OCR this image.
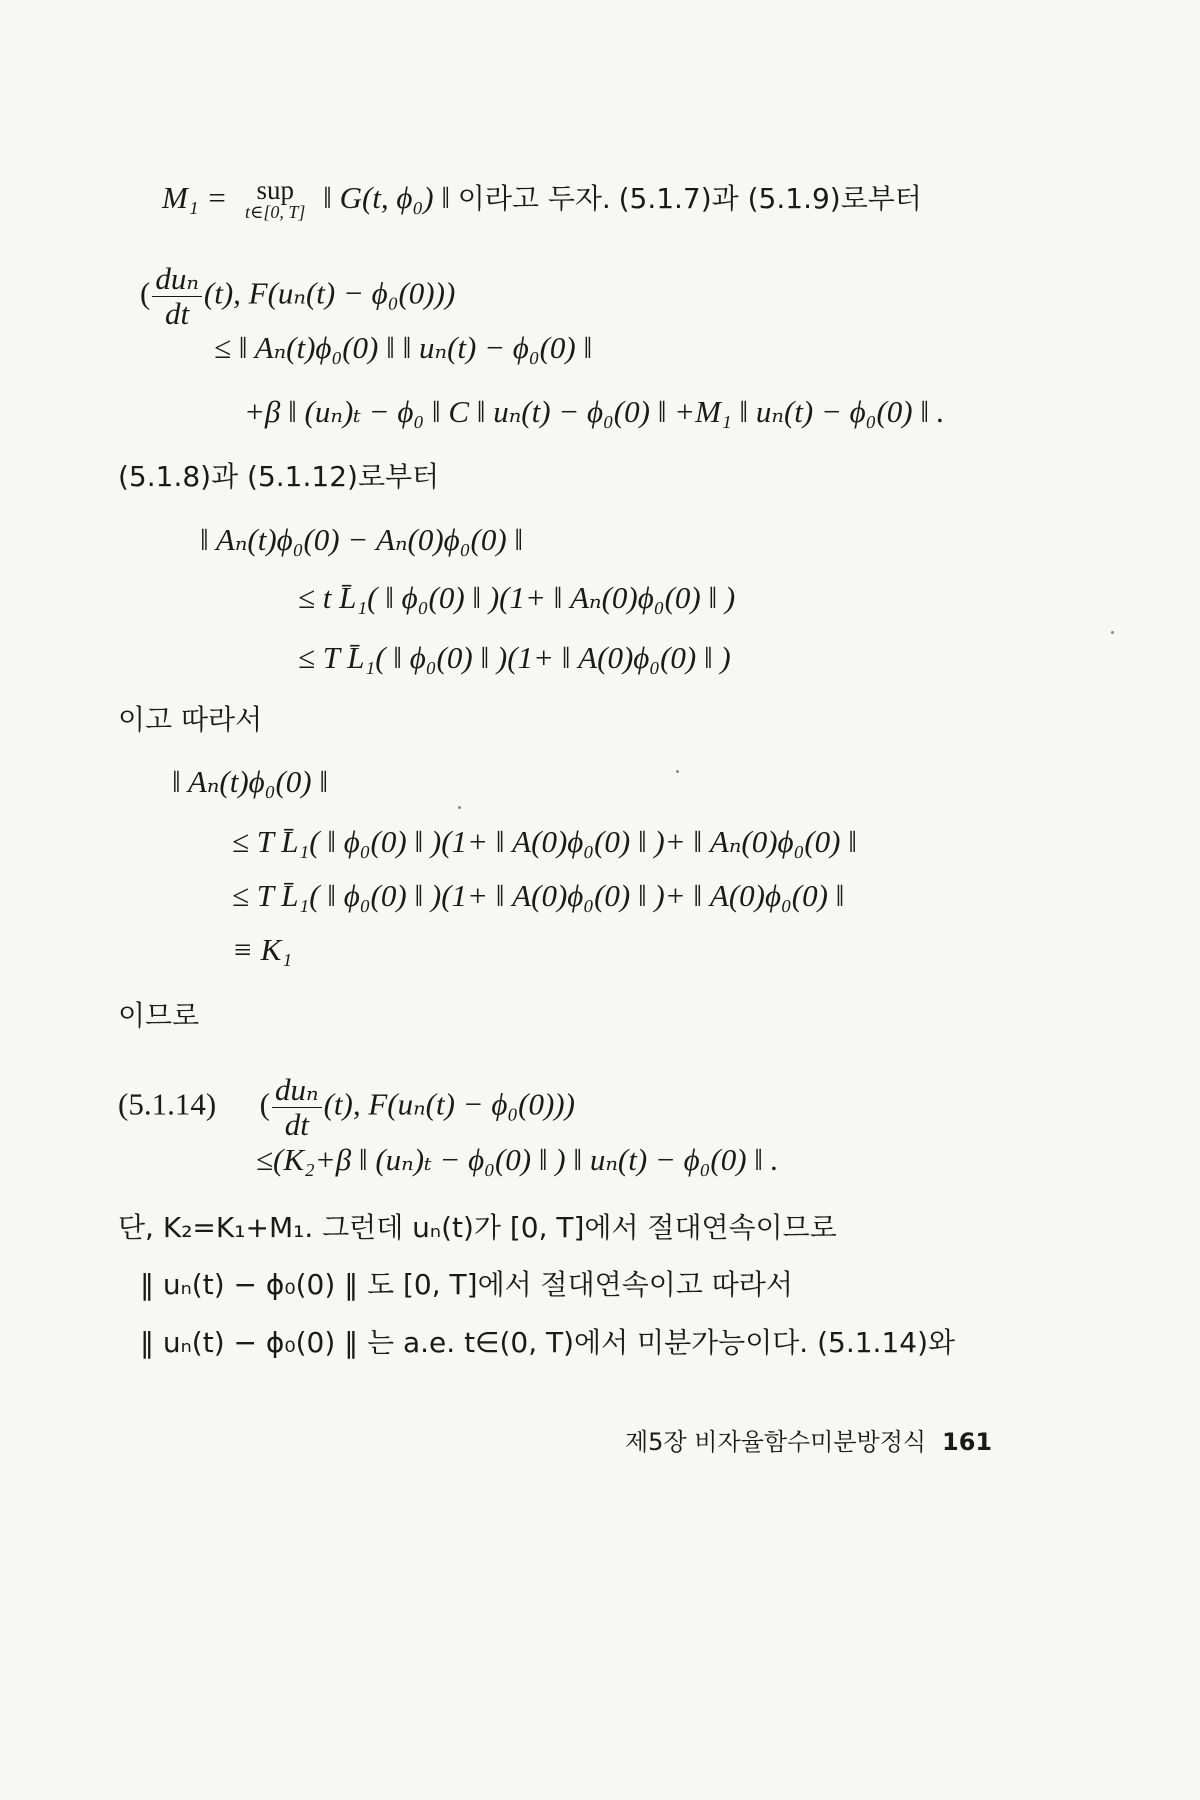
M₁ =	sup
t∈[0, T] ‖ G(t, ϕ₀) ‖ 이라고 두자. (5.1.7)과 (5.1.9)로부터
( $\frac{\text{duₙ}}{dt} (t)$, F(uₙ(t) − ϕ₀(0)))
≤ ‖ Aₙ(t)ϕ₀(0) ‖ ‖ uₙ(t) − ϕ₀(0) ‖
+β ‖ (uₙ)ₜ − ϕ₀ ‖ C ‖ uₙ(t) − ϕ₀(0) ‖ +M₁ ‖ uₙ(t) − ϕ₀(0) ‖ .
(5.1.8)과 (5.1.12)로부터
‖ Aₙ(t)ϕ₀(0) − Aₙ(0)ϕ₀(0) ‖
≤ t L̄₁( ‖ ϕ₀(0) ‖ )(1+ ‖ Aₙ(0)ϕ₀(0) ‖ )
≤ T L̄₁( ‖ ϕ₀(0) ‖ )(1+ ‖ A(0)ϕ₀(0) ‖ )
이고 따라서
‖ Aₙ(t)ϕ₀(0) ‖
≤ T L̄₁( ‖ ϕ₀(0) ‖ )(1+ ‖ A(0)ϕ₀(0) ‖ )+ ‖ Aₙ(0)ϕ₀(0) ‖
≤ T L̄₁( ‖ ϕ₀(0) ‖ )(1+ ‖ A(0)ϕ₀(0) ‖ )+ ‖ A(0)ϕ₀(0) ‖
≡ K₁
이므로
(5.1.14) ( $\frac{\text{duₙ}}{dt} (t)$, F(uₙ(t) − ϕ₀(0)))
≤(K₂+β ‖ (uₙ)ₜ − ϕ₀(0) ‖ ) ‖ uₙ(t) − ϕ₀(0) ‖ .
단, K₂=K₁+M₁. 그런데 uₙ(t)가 [0, T]에서 절대연속이므로
‖ uₙ(t) − ϕ₀(0) ‖ 도 [0, T]에서 절대연속이고 따라서
‖ uₙ(t) − ϕ₀(0) ‖ 는 a.e. t∈(0, T)에서 미분가능이다. (5.1.14)와
제5장 비자율함수미분방정식 161
